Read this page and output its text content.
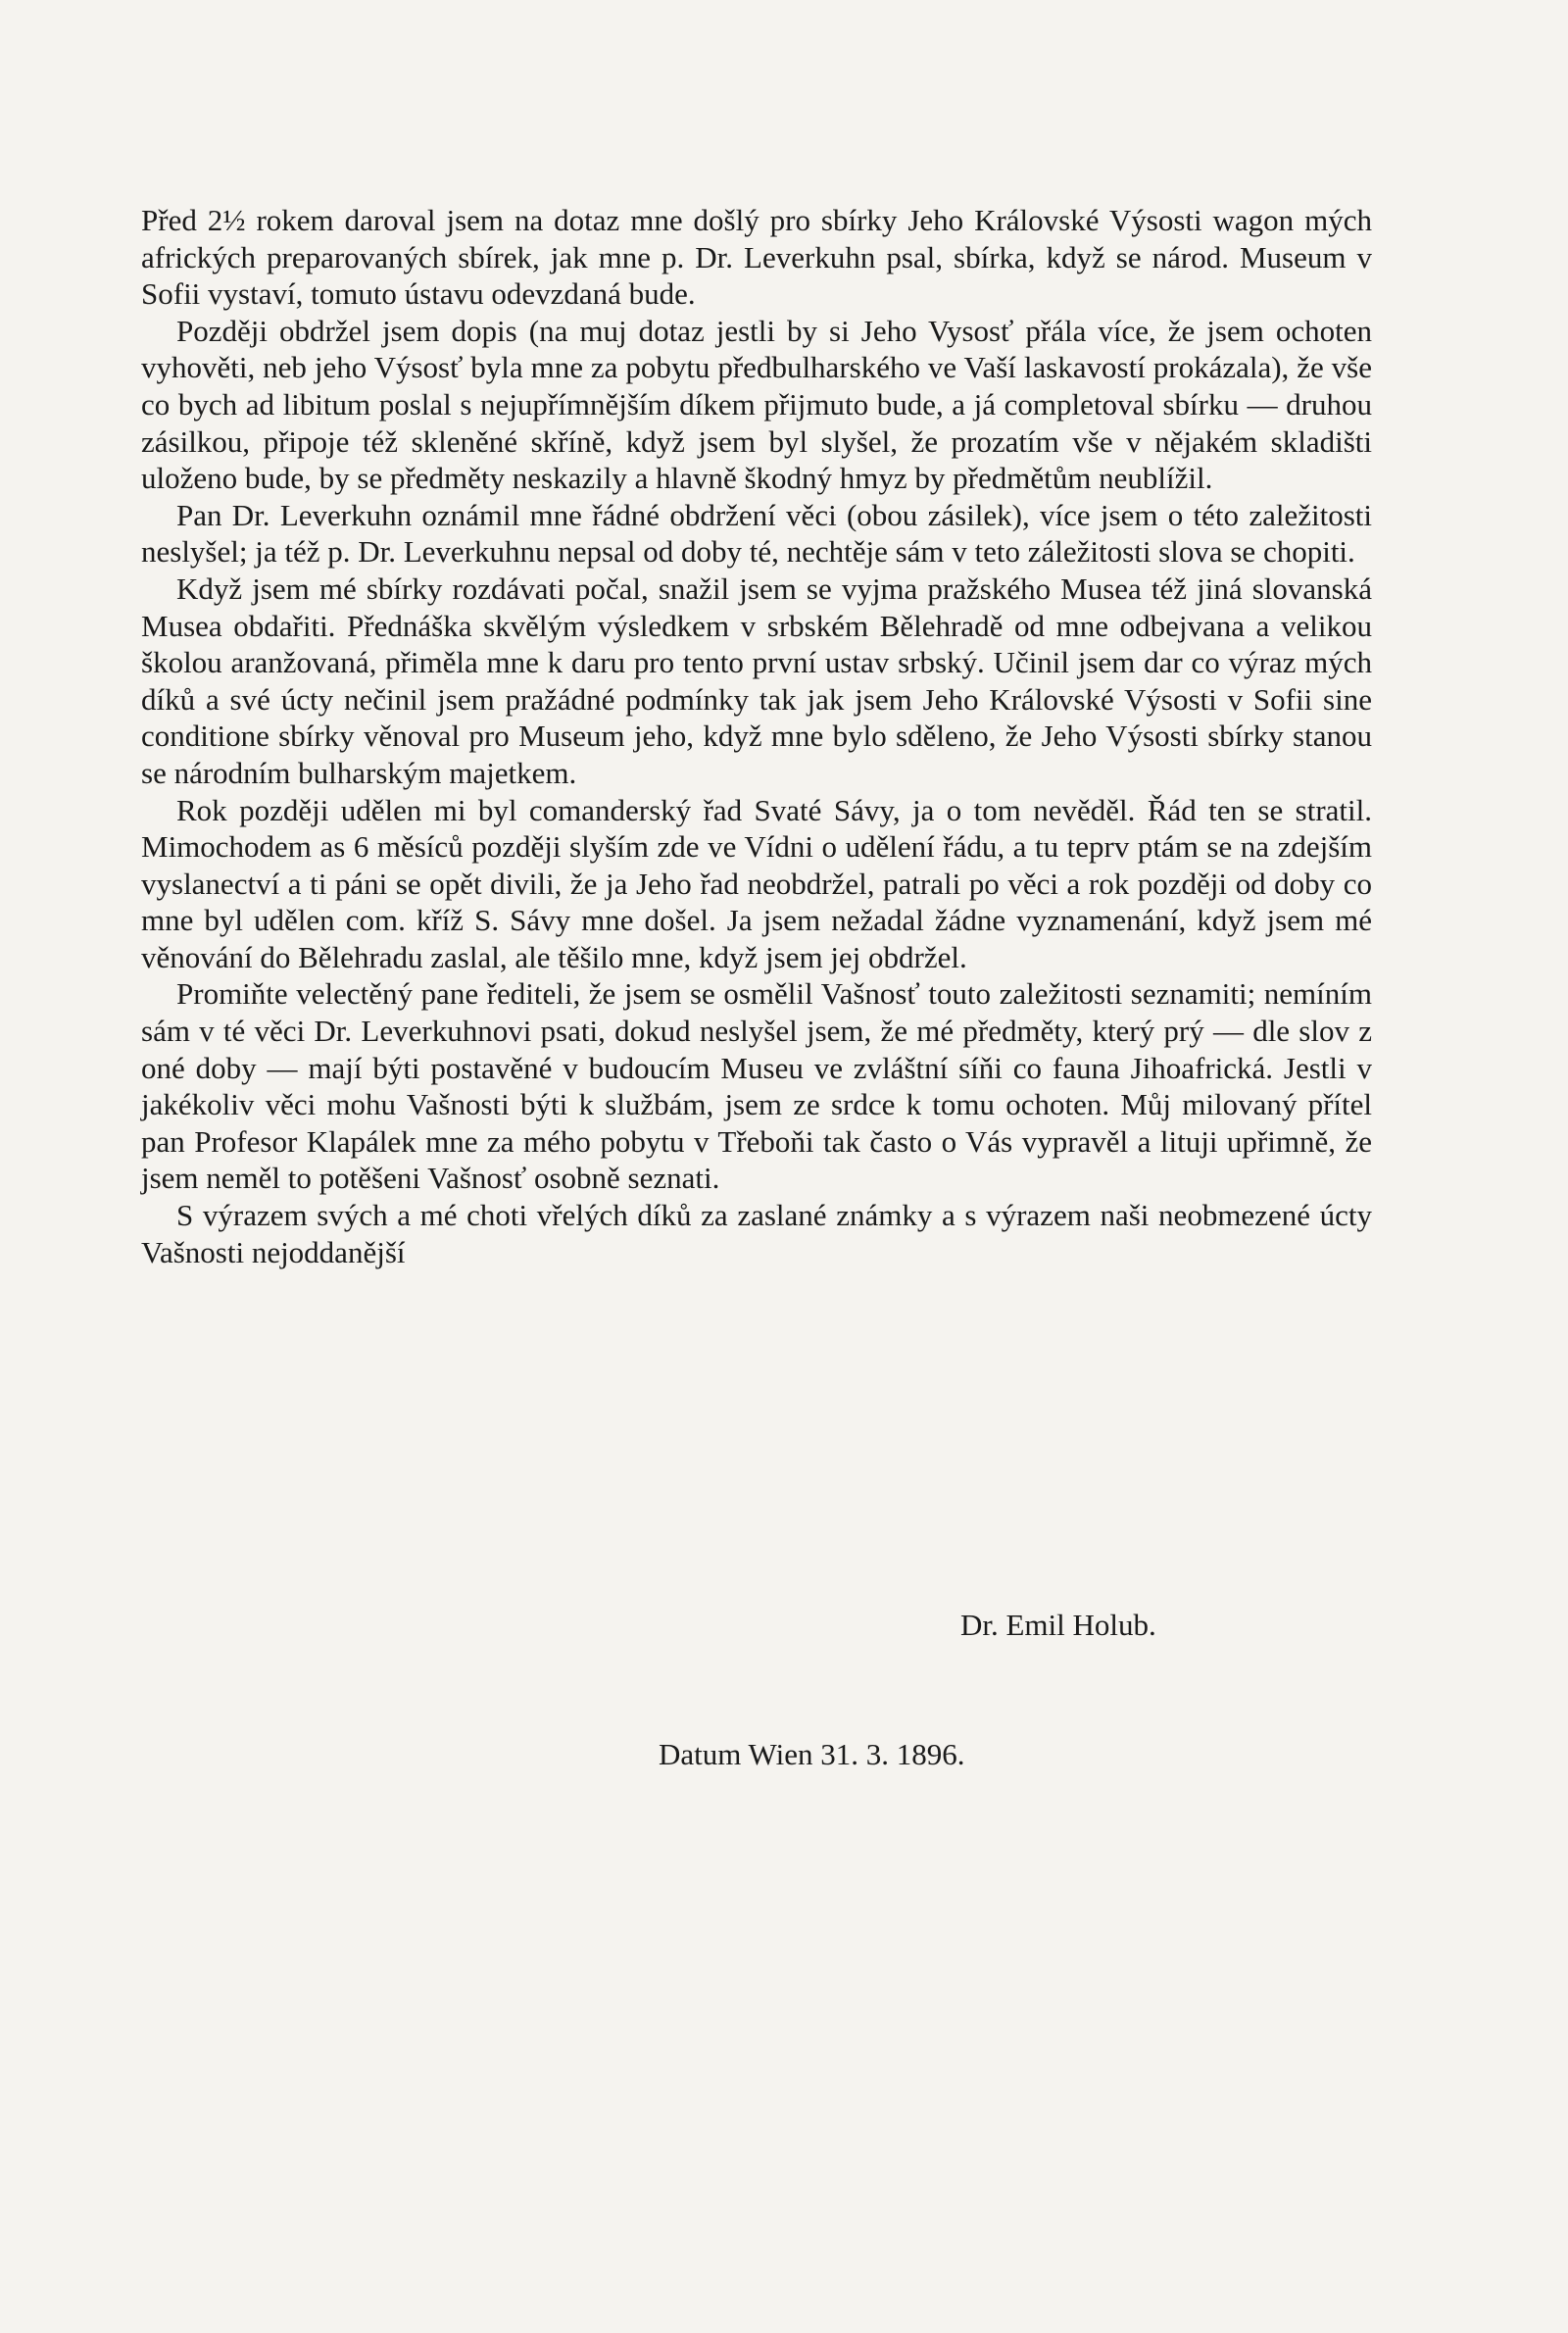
Před 2½ rokem daroval jsem na dotaz mne došlý pro sbírky Jeho Královské Výsosti wagon mých afrických preparovaných sbírek, jak mne p. Dr. Leverkuhn psal, sbírka, když se národ. Museum v Sofii vystaví, tomuto ústavu odevzdaná bude.

Později obdržel jsem dopis (na muj dotaz jestli by si Jeho Vysosť přála více, že jsem ochoten vyhověti, neb jeho Výsosť byla mne za pobytu předbulharského ve Vaší laskavostí prokázala), že vše co bych ad libitum poslal s nejupřímnějším díkem přijmuto bude, a já completoval sbírku — druhou zásilkou, připoje též skleněné skříně, když jsem byl slyšel, že prozatím vše v nějakém skladišti uloženo bude, by se předměty neskazily a hlavně škodný hmyz by předmětům neublížil.

Pan Dr. Leverkuhn oznámil mne řádné obdržení věci (obou zásilek), více jsem o této zaležitosti neslyšel; ja též p. Dr. Leverkuhnu nepsal od doby té, nechtěje sám v teto záležitosti slova se chopiti.

Když jsem mé sbírky rozdávati počal, snažil jsem se vyjma pražského Musea též jiná slovanská Musea obdařiti. Přednáška skvělým výsledkem v srbském Bělehradě od mne odbejvana a velikou školou aranžovaná, přiměla mne k daru pro tento první ustav srbský. Učinil jsem dar co výraz mých díků a své úcty nečinil jsem pražádné podmínky tak jak jsem Jeho Královské Výsosti v Sofii sine conditione sbírky věnoval pro Museum jeho, když mne bylo sděleno, že Jeho Výsosti sbírky stanou se národním bulharským majetkem.

Rok později udělen mi byl comanderský řad Svaté Sávy, ja o tom nevěděl. Řád ten se stratil. Mimochodem as 6 měsíců později slyším zde ve Vídni o udělení řádu, a tu teprv ptám se na zdejším vyslanectví a ti páni se opět divili, že ja Jeho řad neobdržel, patrali po věci a rok později od doby co mne byl udělen com. kříž S. Sávy mne došel. Ja jsem nežadal žádne vyznamenání, když jsem mé věnování do Bělehradu zaslal, ale těšilo mne, když jsem jej obdržel.

Promiňte velectěný pane řediteli, že jsem se osmělil Vašnosť touto zaležitosti seznamiti; nemíním sám v té věci Dr. Leverkuhnovi psati, dokud neslyšel jsem, že mé předměty, který prý — dle slov z oné doby — mají býti postavěné v budoucím Museu ve zvláštní síňi co fauna Jihoafrická. Jestli v jakékoliv věci mohu Vašnosti býti k službám, jsem ze srdce k tomu ochoten. Můj milovaný přítel pan Profesor Klapálek mne za mého pobytu v Třeboňi tak často o Vás vypravěl a lituji upřimně, že jsem neměl to potěšeni Vašnosť osobně seznati.

S výrazem svých a mé choti vřelých díků za zaslané známky a s výrazem naši neobmezené úcty Vašnosti nejoddanější

Dr. Emil Holub.
Datum Wien 31. 3. 1896.
